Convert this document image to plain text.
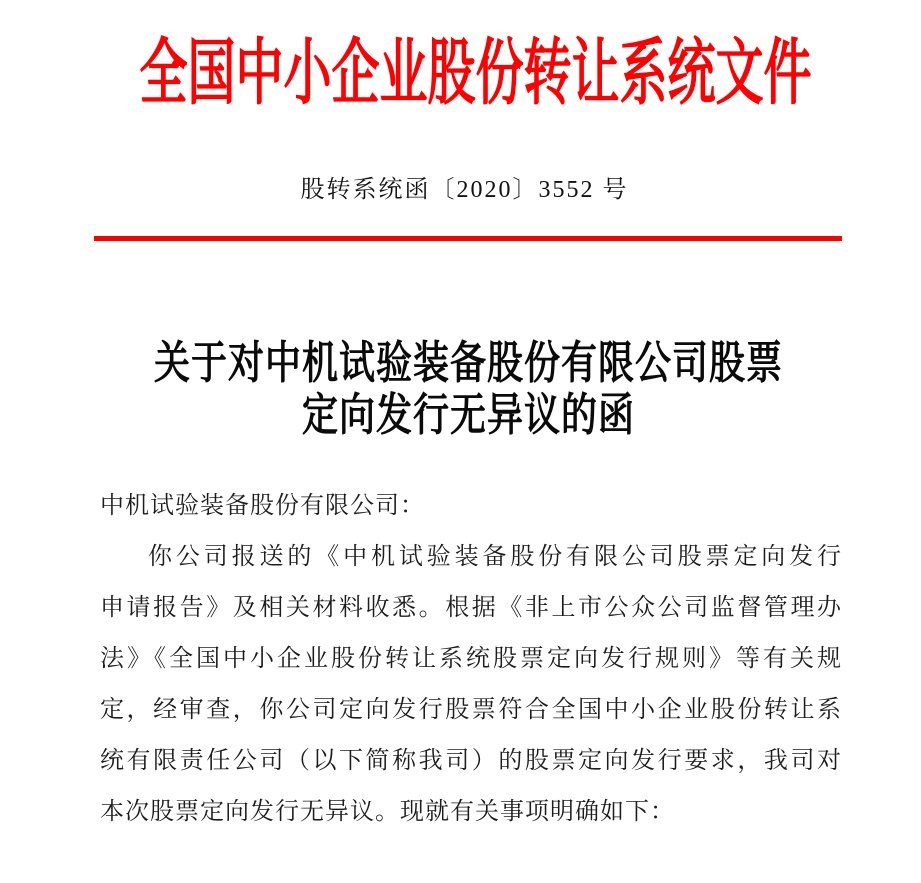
全国中小企业股份转让系统文件
股转系统函〔2020〕3552 号
关于对中机试验装备股份有限公司股票
定向发行无异议的函
中机试验装备股份有限公司：
你公司报送的《中机试验装备股份有限公司股票定向发行
申请报告》及相关材料收悉。根据《非上市公众公司监督管理办
法》《全国中小企业股份转让系统股票定向发行规则》等有关规
定，经审查，你公司定向发行股票符合全国中小企业股份转让系
统有限责任公司（以下简称我司）的股票定向发行要求，我司对
本次股票定向发行无异议。现就有关事项明确如下：
